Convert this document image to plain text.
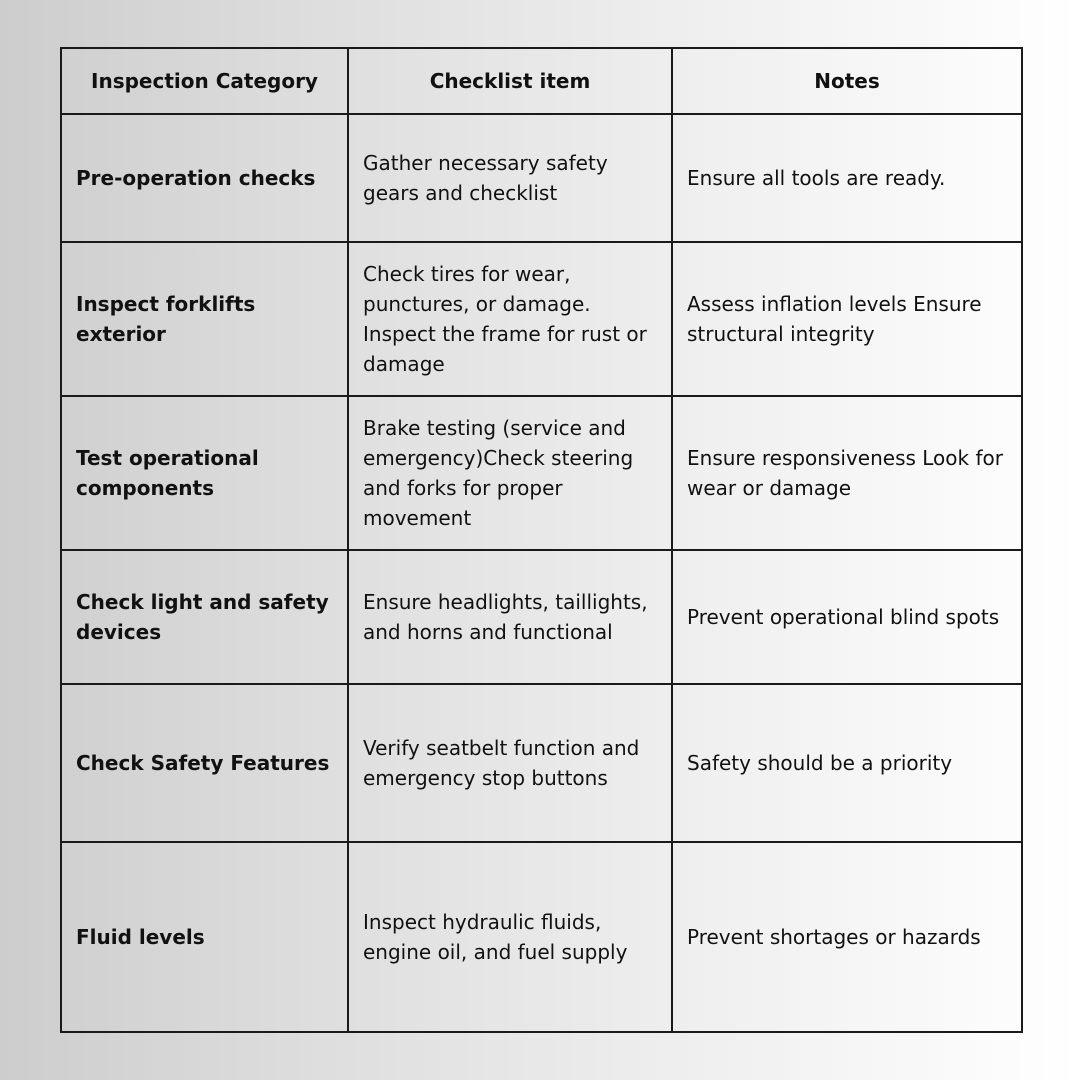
Inspection Category	Checklist item	Notes
Pre-operation checks	Gather necessary safety gears and checklist	Ensure all tools are ready.
Inspect forklifts exterior	Check tires for wear, punctures, or damage. Inspect the frame for rust or damage	Assess inflation levels Ensure structural integrity
Test operational components	Brake testing (service and emergency)Check steering and forks for proper movement	Ensure responsiveness Look for wear or damage
Check light and safety devices	Ensure headlights, taillights, and horns and functional	Prevent operational blind spots
Check Safety Features	Verify seatbelt function and emergency stop buttons	Safety should be a priority
Fluid levels	Inspect hydraulic fluids, engine oil, and fuel supply	Prevent shortages or hazards
